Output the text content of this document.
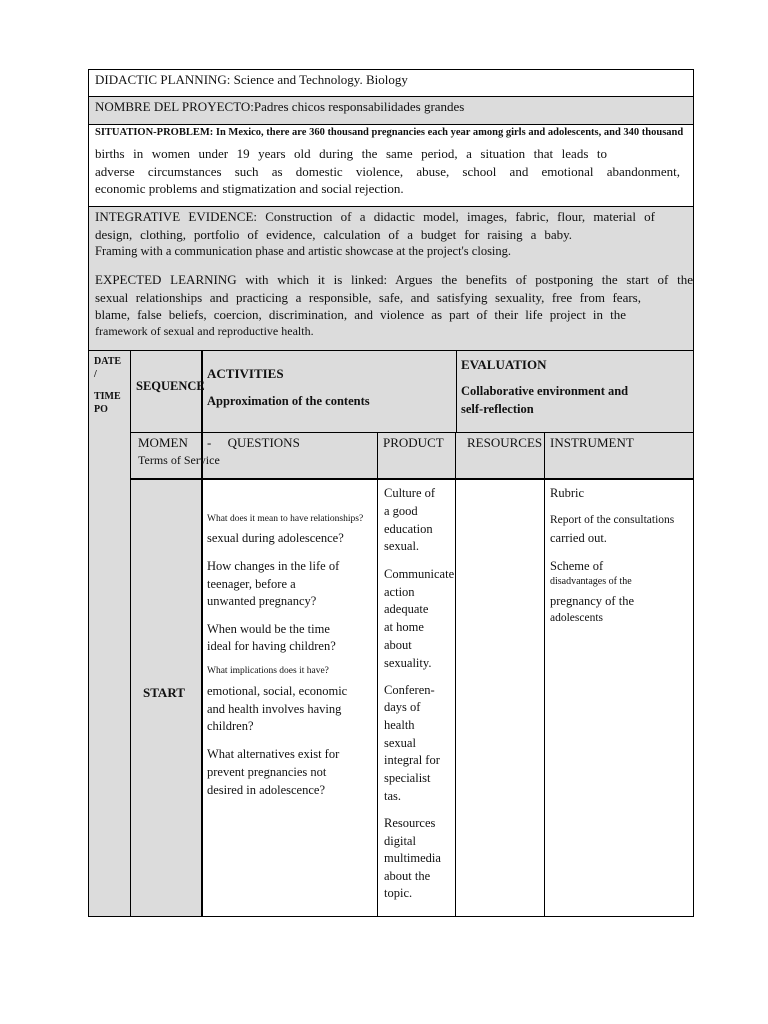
DIDACTIC PLANNING: Science and Technology. Biology
NOMBRE DEL PROYECTO:Padres chicos responsabilidades grandes
SITUATION-PROBLEM: In Mexico, there are 360 thousand pregnancies each year among girls and adolescents, and 340 thousand
births in women under 19 years old during the same period, a situation that leads to
adverse circumstances such as domestic violence, abuse, school and emotional abandonment,
economic problems and stigmatization and social rejection.
INTEGRATIVE EVIDENCE: Construction of a didactic model, images, fabric, flour, material of
design, clothing, portfolio of evidence, calculation of a budget for raising a baby.
Framing with a communication phase and artistic showcase at the project's closing.
EXPECTED LEARNING with which it is linked: Argues the benefits of postponing the start of the
sexual relationships and practicing a responsible, safe, and satisfying sexuality, free from fears,
blame, false beliefs, coercion, discrimination, and violence as part of their life project in the
framework of sexual and reproductive health.
DATE
/
TIME
PO
SEQUENCE
ACTIVITIES
Approximation of the contents
EVALUATION
Collaborative environment and
self-reflection
MOMEN
Terms of Service
-     QUESTIONS	PRODUCT RESOURCES INSTRUMENT
START
What does it mean to have relationships?
sexual during adolescence?
How changes in the life of
teenager, before a
unwanted pregnancy?
When would be the time
ideal for having children?
What implications does it have?
emotional, social, economic
and health involves having
children?
What alternatives exist for
prevent pregnancies not
desired in adolescence?
Culture of
a good
education
sexual.
Communicate
action
adequate
at home
about
sexuality.
Conferen-
days of
health
sexual
integral for
specialist
tas.
Resources
digital
multimedia
about the
topic.
Rubric
Report of the consultations
carried out.
Scheme of
disadvantages of the
pregnancy of the
adolescents
